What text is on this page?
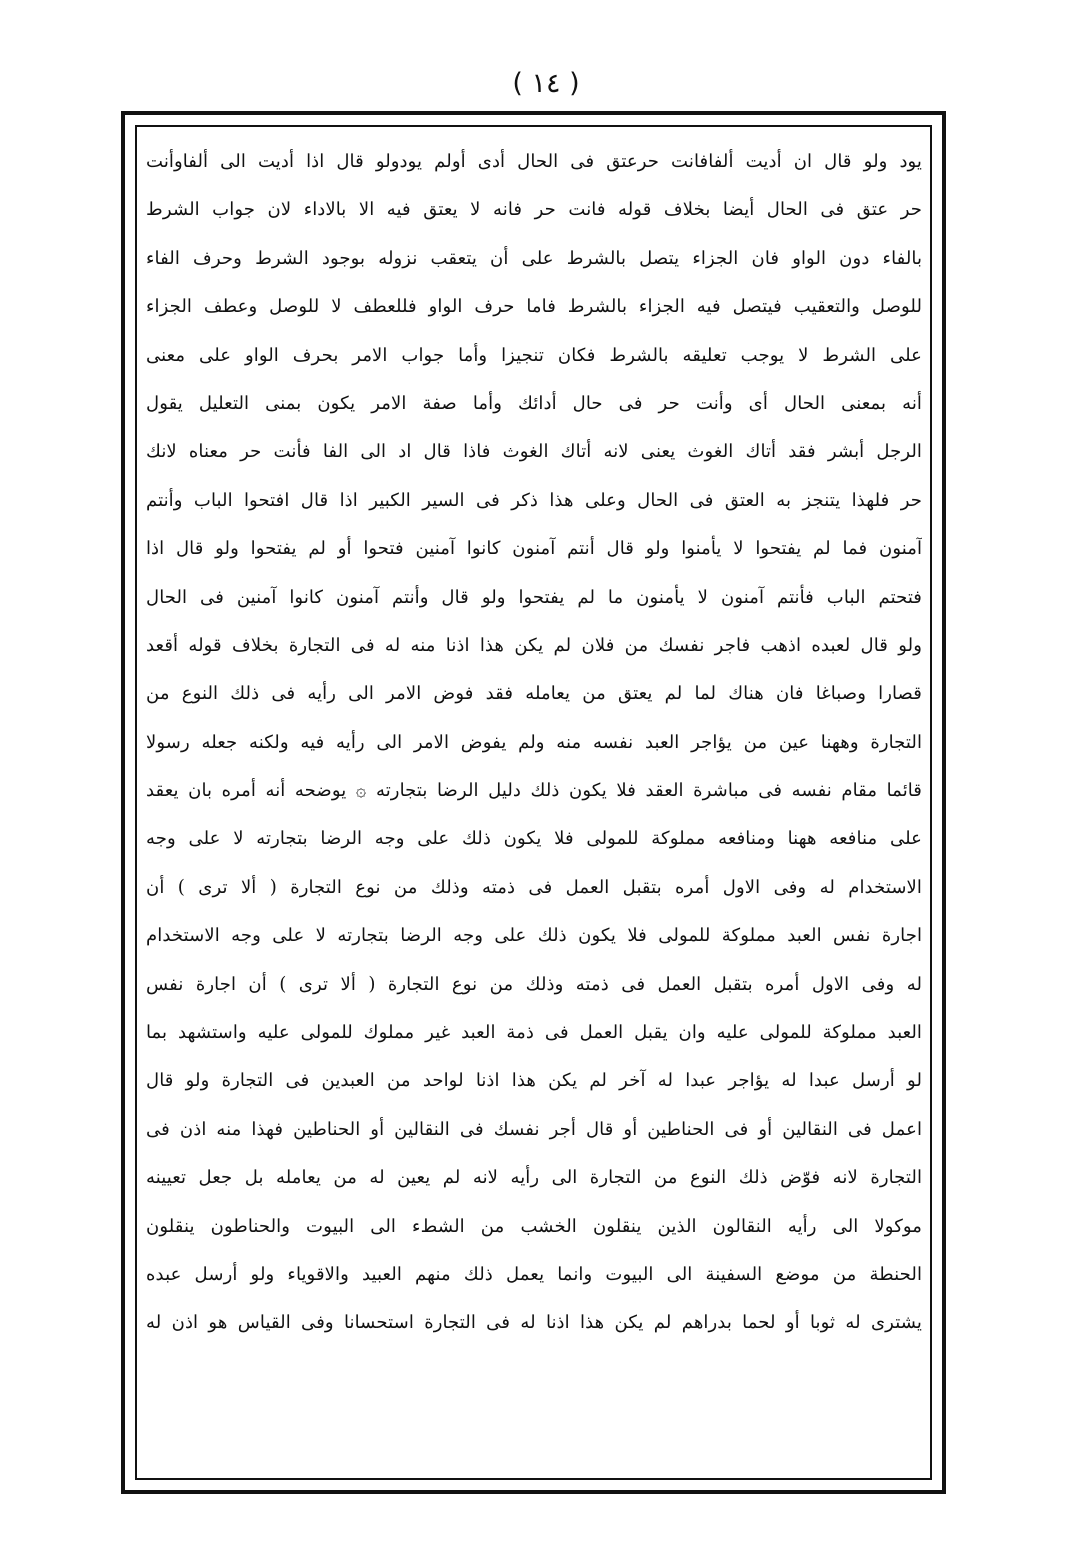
( ١٤ )
يود ولو قال ان أديت ألفافانت حرعتق فى الحال أدى أولم يودولو قال اذا أديت الى ألفاوأنت
حر عتق فى الحال أيضا بخلاف قوله فانت حر فانه لا يعتق فيه الا بالاداء لان جواب الشرط
بالفاء دون الواو فان الجزاء يتصل بالشرط على أن يتعقب نزوله بوجود الشرط وحرف الفاء
للوصل والتعقيب فيتصل فيه الجزاء بالشرط فاما حرف الواو فللعطف لا للوصل وعطف الجزاء
على الشرط لا يوجب تعليقه بالشرط فكان تنجيزا وأما جواب الامر بحرف الواو على معنى
أنه بمعنى الحال أى وأنت حر فى حال أدائك وأما صفة الامر يكون بمنى التعليل يقول
الرجل أبشر فقد أتاك الغوث يعنى لانه أتاك الغوث فاذا قال اد الى الفا فأنت حر معناه لانك
حر فلهذا يتنجز به العتق فى الحال وعلى هذا ذكر فى السير الكبير اذا قال افتحوا الباب وأنتم
آمنون فما لم يفتحوا لا يأمنوا ولو قال أنتم آمنون كانوا آمنين فتحوا أو لم يفتحوا ولو قال اذا
فتحتم الباب فأنتم آمنون لا يأمنون ما لم يفتحوا ولو قال وأنتم آمنون كانوا آمنين فى الحال
ولو قال لعبده اذهب فاجر نفسك من فلان لم يكن هذا اذنا منه له فى التجارة بخلاف قوله أقعد
قصارا وصباغا فان هناك لما لم يعتق من يعامله فقد فوض الامر الى رأيه فى ذلك النوع من
التجارة وههنا عين من يؤاجر العبد نفسه منه ولم يفوض الامر الى رأيه فيه ولكنه جعله رسولا
قائما مقام نفسه فى مباشرة العقد فلا يكون ذلك دليل الرضا بتجارته ۞ يوضحه أنه أمره بان يعقد
على منافعه ههنا ومنافعه مملوكة للمولى فلا يكون ذلك على وجه الرضا بتجارته لا على وجه
الاستخدام له وفى الاول أمره بتقبل العمل فى ذمته وذلك من نوع التجارة ( ألا ترى ) أن
اجارة نفس العبد مملوكة للمولى فلا يكون ذلك على وجه الرضا بتجارته لا على وجه الاستخدام
له وفى الاول أمره بتقبل العمل فى ذمته وذلك من نوع التجارة ( ألا ترى ) أن اجارة نفس
العبد مملوكة للمولى عليه وان يقبل العمل فى ذمة العبد غير مملوك للمولى عليه واستشهد بما
لو أرسل عبدا له يؤاجر عبدا له آخر لم يكن هذا اذنا لواحد من العبدين فى التجارة ولو قال
اعمل فى النقالين أو فى الحناطين أو قال أجر نفسك فى النقالين أو الحناطين فهذا منه اذن فى
التجارة لانه فوّض ذلك النوع من التجارة الى رأيه لانه لم يعين له من يعامله بل جعل تعيينه
موكولا الى رأيه النقالون الذين ينقلون الخشب من الشطء الى البيوت والحناطون ينقلون
الحنطة من موضع السفينة الى البيوت وانما يعمل ذلك منهم العبيد والاقوياء ولو أرسل عبده
يشترى له ثوبا أو لحما بدراهم لم يكن هذا اذنا له فى التجارة استحسانا وفى القياس هو اذن له
